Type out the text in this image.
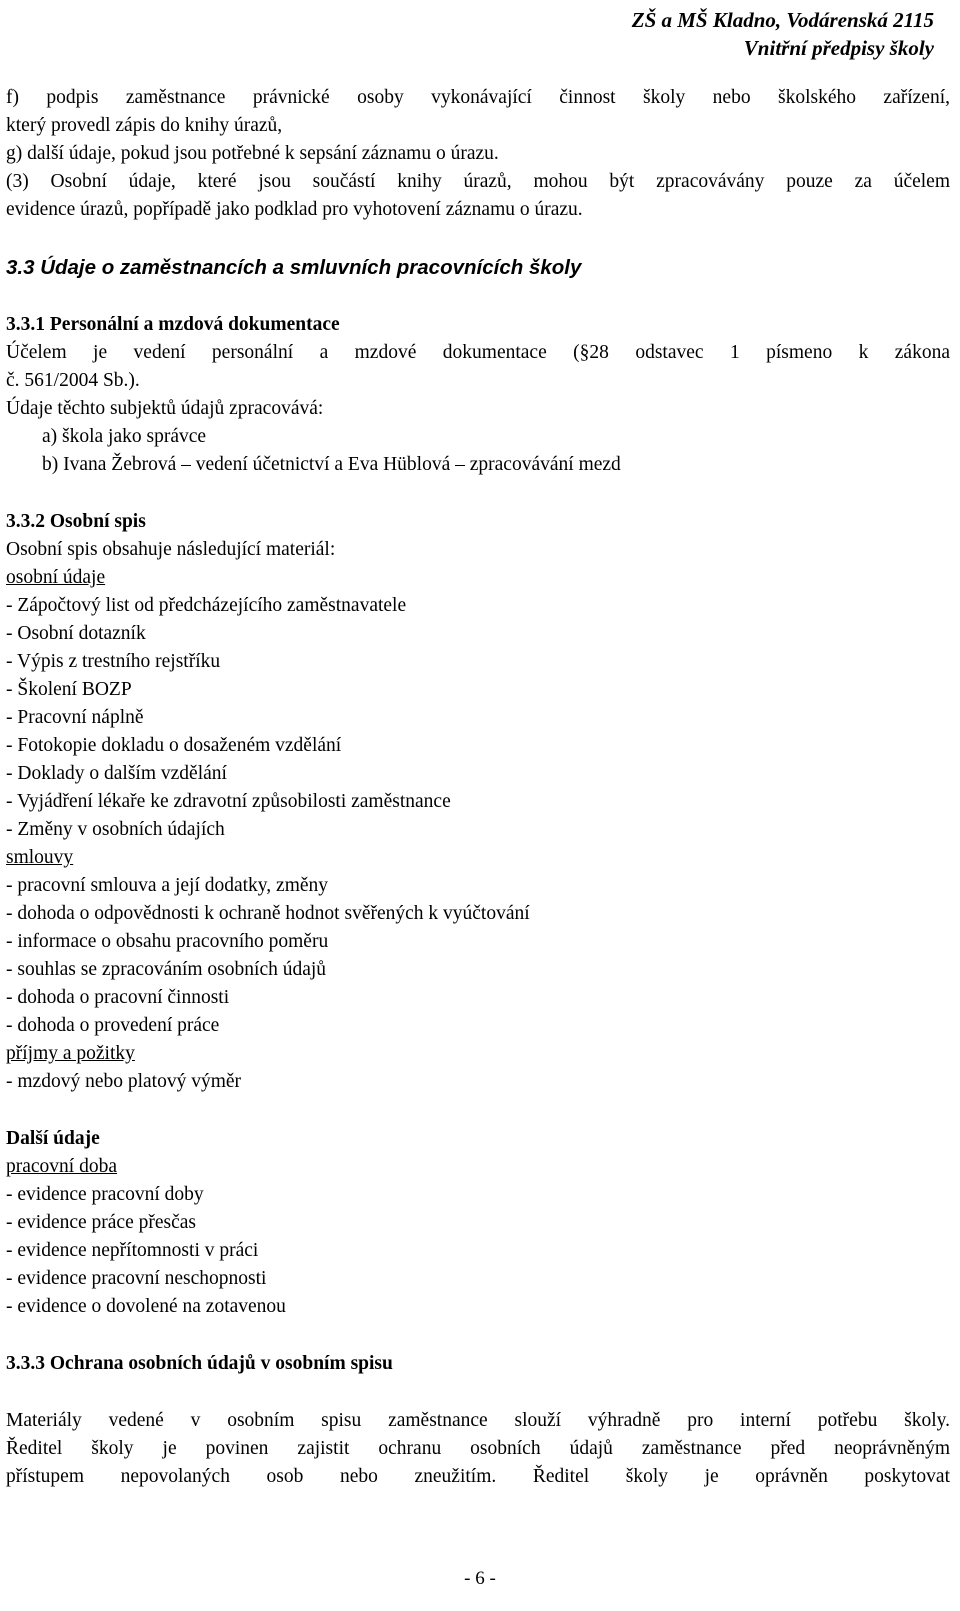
ZŠ a MŠ Kladno, Vodárenská 2115
Vnitřní předpisy školy
f) podpis zaměstnance právnické osoby vykonávající činnost školy nebo školského zařízení,
který provedl zápis do knihy úrazů,
g) další údaje, pokud jsou potřebné k sepsání záznamu o úrazu.
(3) Osobní údaje, které jsou součástí knihy úrazů, mohou být zpracovávány pouze za účelem
evidence úrazů, popřípadě jako podklad pro vyhotovení záznamu o úrazu.
3.3 Údaje o zaměstnancích a smluvních pracovnících školy
3.3.1 Personální a mzdová dokumentace
Účelem je vedení personální a mzdové dokumentace (§28 odstavec 1 písmeno k zákona
č. 561/2004 Sb.).
Údaje těchto subjektů údajů zpracovává:
a) škola jako správce
b) Ivana Žebrová – vedení účetnictví a Eva Hüblová – zpracovávání mezd
3.3.2 Osobní spis
Osobní spis obsahuje následující materiál:
osobní údaje
- Zápočtový list od předcházejícího zaměstnavatele
- Osobní dotazník
- Výpis z trestního rejstříku
- Školení BOZP
- Pracovní náplně
- Fotokopie dokladu o dosaženém vzdělání
- Doklady o dalším vzdělání
- Vyjádření lékaře ke zdravotní způsobilosti zaměstnance
- Změny v osobních údajích
smlouvy
- pracovní smlouva a její dodatky, změny
- dohoda o odpovědnosti k ochraně hodnot svěřených k vyúčtování
- informace o obsahu pracovního poměru
- souhlas se zpracováním osobních údajů
- dohoda o pracovní činnosti
- dohoda o provedení práce
příjmy a požitky
- mzdový nebo platový výměr
Další údaje
pracovní doba
- evidence pracovní doby
- evidence práce přesčas
- evidence nepřítomnosti v práci
- evidence pracovní neschopnosti
- evidence o dovolené na zotavenou
3.3.3 Ochrana osobních údajů v osobním spisu
Materiály vedené v osobním spisu zaměstnance slouží výhradně pro interní potřebu školy.
Ředitel školy je povinen zajistit ochranu osobních údajů zaměstnance před neoprávněným
přístupem nepovolaných osob nebo zneužitím. Ředitel školy je oprávněn poskytovat
- 6 -
